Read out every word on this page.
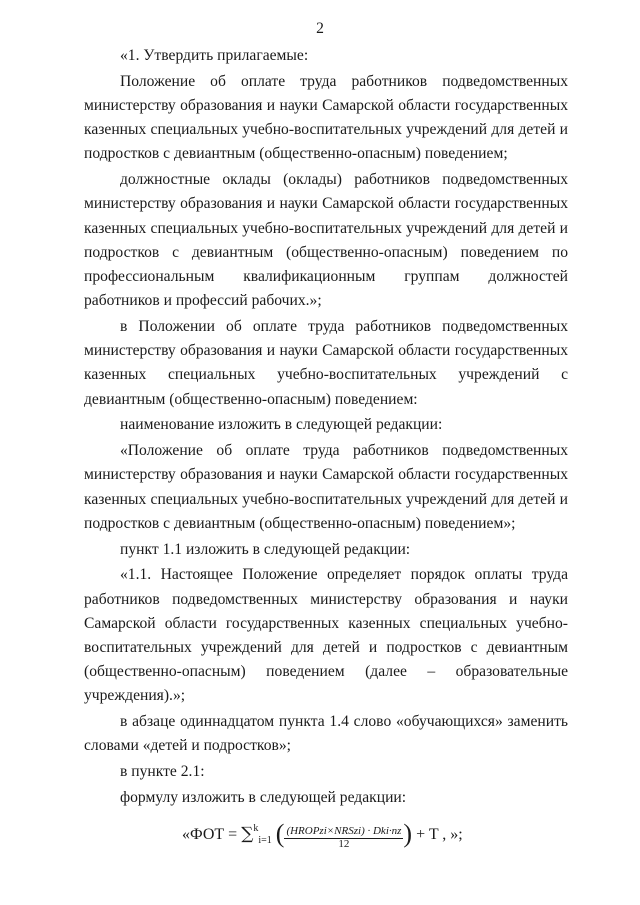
2

«1. Утвердить прилагаемые:

Положение об оплате труда работников подведомственных министерству образования и науки Самарской области государственных казенных специальных учебно-воспитательных учреждений для детей и подростков с девиантным (общественно-опасным) поведением;

должностные оклады (оклады) работников подведомственных министерству образования и науки Самарской области государственных казенных специальных учебно-воспитательных учреждений для детей и подростков с девиантным (общественно-опасным) поведением по профессиональным квалификационным группам должностей работников и профессий рабочих.»;

в Положении об оплате труда работников подведомственных министерству образования и науки Самарской области государственных казенных специальных учебно-воспитательных учреждений с девиантным (общественно-опасным) поведением:

наименование изложить в следующей редакции:

«Положение об оплате труда работников подведомственных министерству образования и науки Самарской области государственных казенных специальных учебно-воспитательных учреждений для детей и подростков с девиантным (общественно-опасным) поведением»;

пункт 1.1 изложить в следующей редакции:

«1.1. Настоящее Положение определяет порядок оплаты труда работников подведомственных министерству образования и науки Самарской области государственных казенных специальных учебно-воспитательных учреждений для детей и подростков с девиантным (общественно-опасным) поведением (далее – образовательные учреждения).»;

в абзаце одиннадцатом пункта 1.4 слово «обучающихся» заменить словами «детей и подростков»;

в пункте 2.1:

формулу изложить в следующей редакции:

«ФОТ = ∑$^k_{i=1}$ $(\frac{\text{(HROPzi×NRSzi) · Dki·nz}}{12}) + T$ , »;
